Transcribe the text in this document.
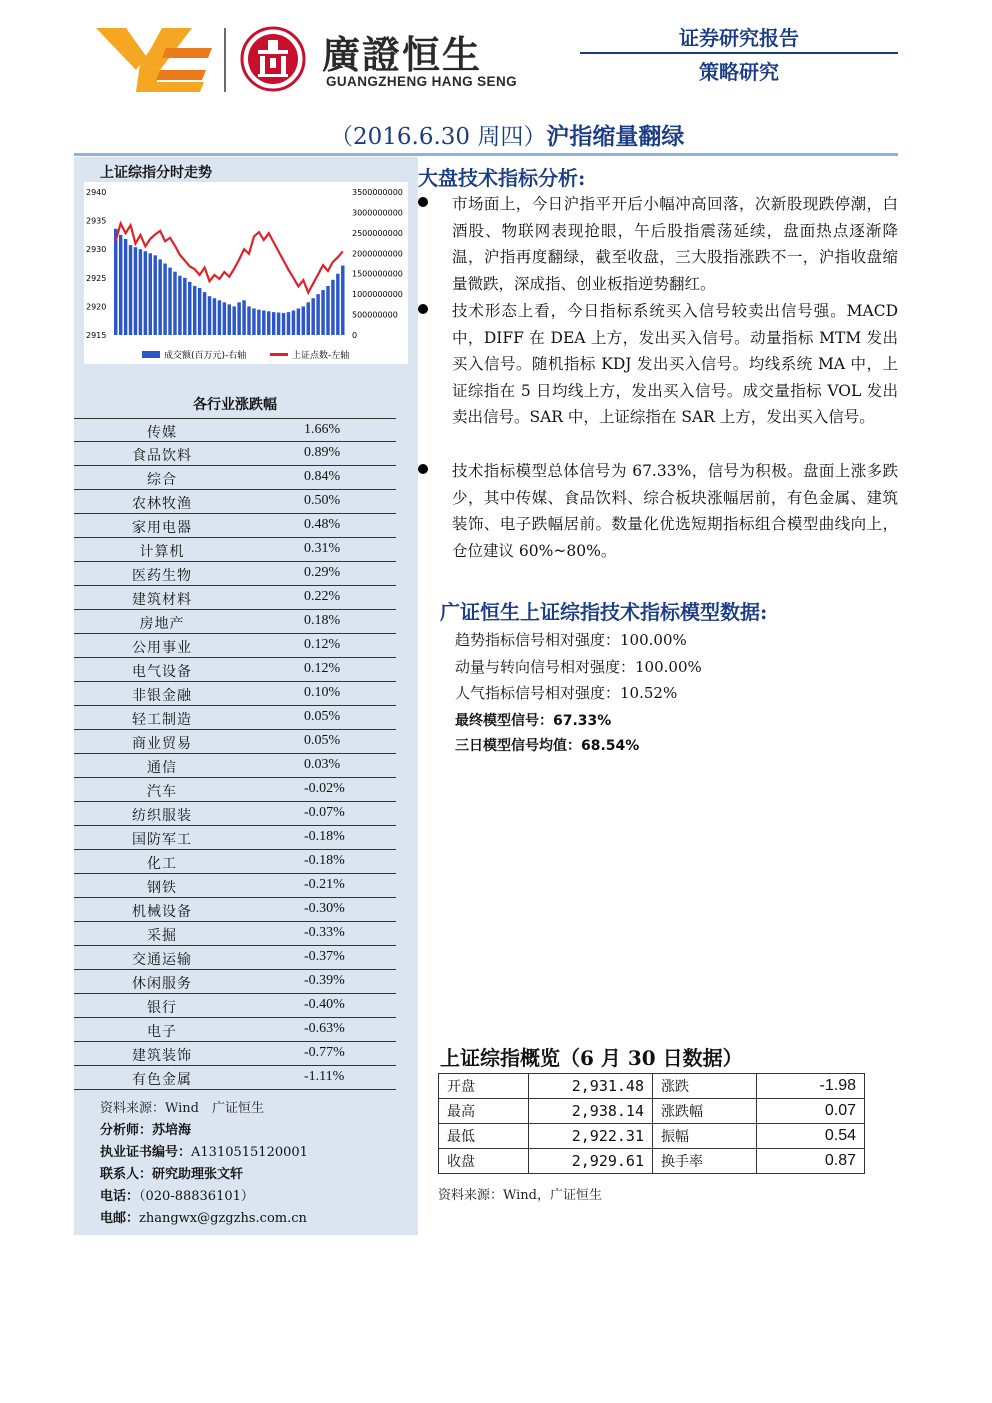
廣證恒生
GUANGZHENG HANG SENG
证券研究报告
策略研究
（2016.6.30 周四）沪指缩量翻绿
上证综指分时走势
2915
2920
2925
2930
2935
2940
0
500000000
1000000000
1500000000
2000000000
2500000000
3000000000
3500000000
成交额(百万元)-右轴	上证点数-左轴
各行业涨跌幅
传媒	1.66%
食品饮料	0.89%
综合	0.84%
农林牧渔	0.50%
家用电器	0.48%
计算机	0.31%
医药生物	0.29%
建筑材料	0.22%
房地产	0.18%
公用事业	0.12%
电气设备	0.12%
非银金融	0.10%
轻工制造	0.05%
商业贸易	0.05%
通信	0.03%
汽车	-0.02%
纺织服装	-0.07%
国防军工	-0.18%
化工	-0.18%
钢铁	-0.21%
机械设备	-0.30%
采掘	-0.33%
交通运输	-0.37%
休闲服务	-0.39%
银行	-0.40%
电子	-0.63%
建筑装饰	-0.77%
有色金属	-1.11%
资料来源：Wind　广证恒生
分析师：苏培海
执业证书编号：A1310515120001
联系人：研究助理张文轩
电话：（020-88836101）
电邮：zhangwx@gzgzhs.com.cn
大盘技术指标分析:
市场面上，今日沪指平开后小幅冲高回落，次新股现跌停潮，白酒股、物联网表现抢眼，午后股指震荡延续，盘面热点逐渐降温，沪指再度翻绿，截至收盘，三大股指涨跌不一，沪指收盘缩量微跌，深成指、创业板指逆势翻红。
技术形态上看，今日指标系统买入信号较卖出信号强。MACD 中，DIFF 在 DEA 上方，发出买入信号。动量指标 MTM 发出买入信号。随机指标 KDJ 发出买入信号。均线系统 MA 中，上证综指在 5 日均线上方，发出买入信号。成交量指标 VOL 发出卖出信号。SAR 中，上证综指在 SAR 上方，发出买入信号。
技术指标模型总体信号为 67.33%，信号为积极。盘面上涨多跌少，其中传媒、食品饮料、综合板块涨幅居前，有色金属、建筑装饰、电子跌幅居前。数量化优选短期指标组合模型曲线向上，仓位建议 60%~80%。
广证恒生上证综指技术指标模型数据:
趋势指标信号相对强度：100.00%
动量与转向信号相对强度：100.00%
人气指标信号相对强度：10.52%
最终模型信号：67.33%
三日模型信号均值：68.54%
上证综指概览（6 月 30 日数据）
开盘	2,931.48	涨跌	-1.98
最高	2,938.14	涨跌幅	0.07
最低	2,922.31	振幅	0.54
收盘	2,929.61	换手率	0.87
资料来源：Wind，广证恒生
